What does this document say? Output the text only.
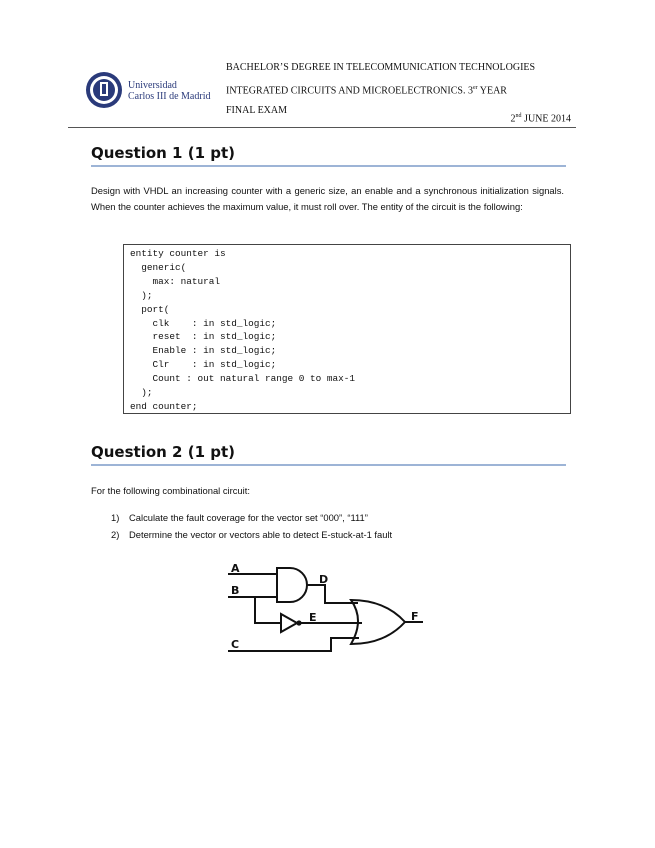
Universidad
Carlos III de Madrid
BACHELOR’S DEGREE IN TELECOMMUNICATION TECHNOLOGIES
INTEGRATED CIRCUITS AND MICROELECTRONICS. 3er YEAR
FINAL EXAM
2nd JUNE 2014
Question 1 (1 pt)
Design with VHDL an increasing counter with a generic size, an enable and a synchronous initialization signals. When the counter achieves the maximum value, it must roll over. The entity of the circuit is the following:
entity counter is
generic(
max: natural
);
port(
clk    : in std_logic;
reset  : in std_logic;
Enable : in std_logic;
Clr    : in std_logic;
Count : out natural range 0 to max-1
);
end counter;
Question 2 (1 pt)
For the following combinational circuit:
1) Calculate the fault coverage for the vector set “000”, “111”
2) Determine the vector or vectors able to detect E-stuck-at-1 fault
A
B
D
E
C
F
